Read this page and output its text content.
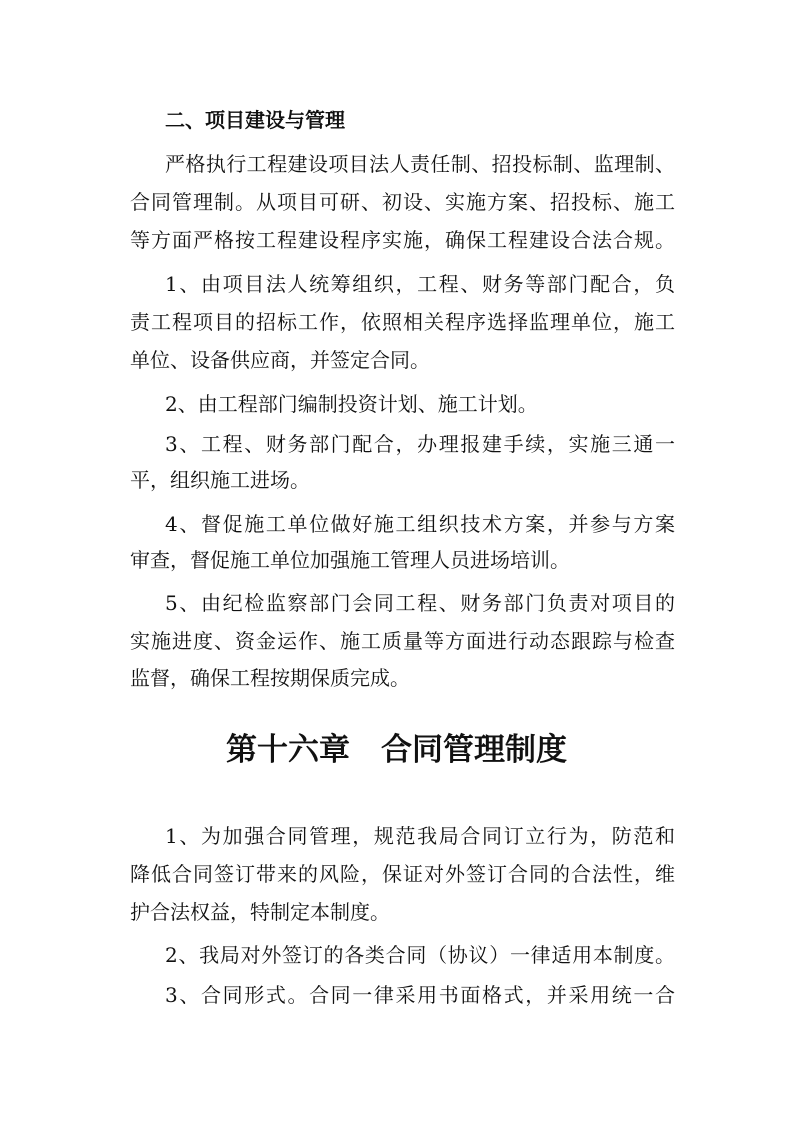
二、项目建设与管理
严格执行工程建设项目法人责任制、招投标制、监理制、
合同管理制。从项目可研、初设、实施方案、招投标、施工
等方面严格按工程建设程序实施，确保工程建设合法合规。
1、由项目法人统筹组织，工程、财务等部门配合，负
责工程项目的招标工作，依照相关程序选择监理单位，施工
单位、设备供应商，并签定合同。
2、由工程部门编制投资计划、施工计划。
3、工程、财务部门配合，办理报建手续，实施三通一
平，组织施工进场。
4、督促施工单位做好施工组织技术方案，并参与方案
审查，督促施工单位加强施工管理人员进场培训。
5、由纪检监察部门会同工程、财务部门负责对项目的
实施进度、资金运作、施工质量等方面进行动态跟踪与检查
监督，确保工程按期保质完成。
第十六章　合同管理制度
1、为加强合同管理，规范我局合同订立行为，防范和
降低合同签订带来的风险，保证对外签订合同的合法性，维
护合法权益，特制定本制度。
2、我局对外签订的各类合同（协议）一律适用本制度。
3、合同形式。合同一律采用书面格式，并采用统一合
